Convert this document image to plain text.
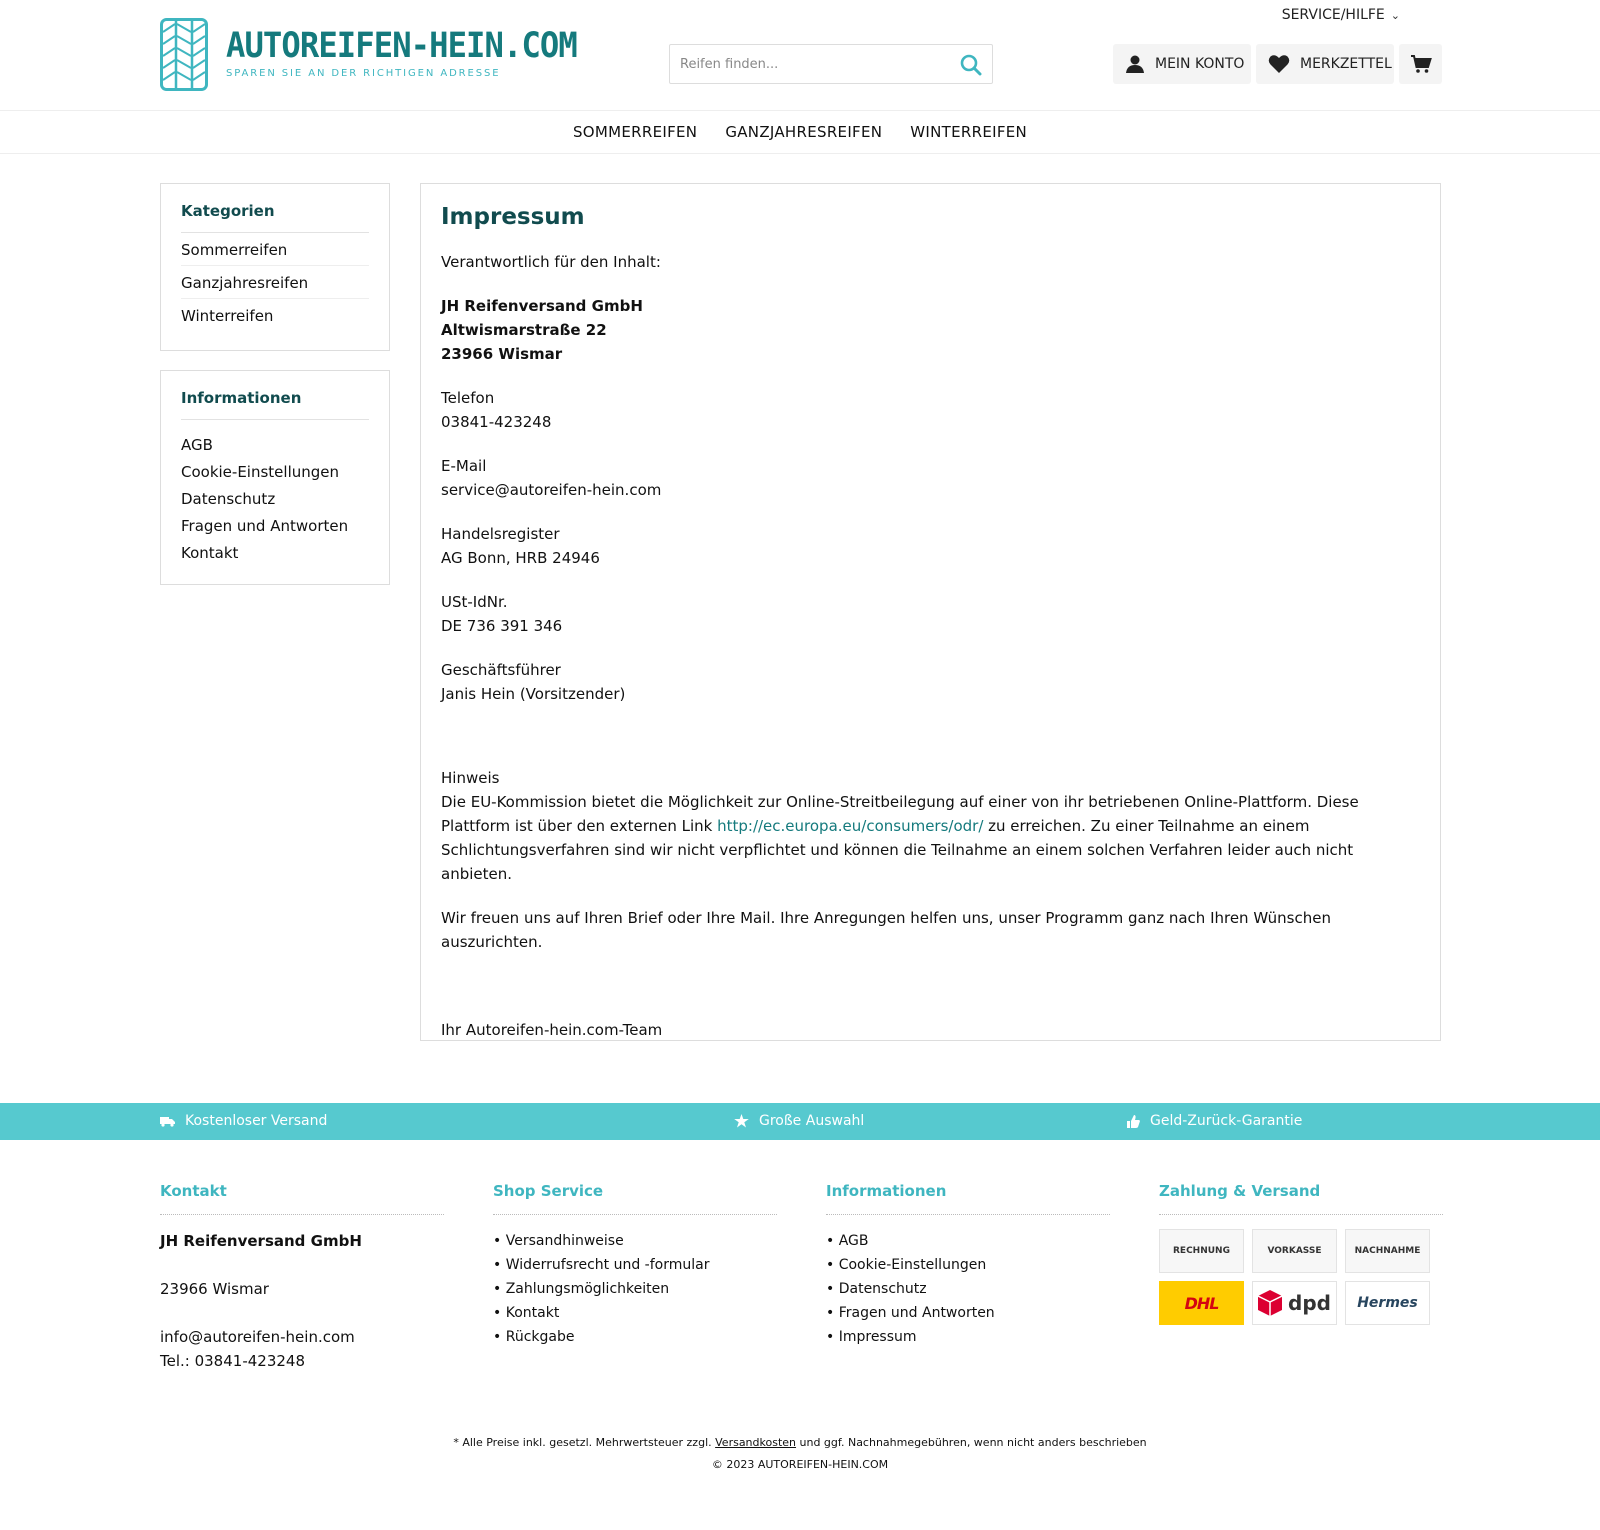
AUTOREIFEN-HEIN.COM
SPAREN SIE AN DER RICHTIGEN ADRESSE
SERVICE/HILFE ⌄
Reifen finden...
MEIN KONTO	MERKZETTEL
SOMMERREIFEN GANZJAHRESREIFEN WINTERREIFEN
Kategorien
Sommerreifen
Ganzjahresreifen
Winterreifen
Informationen
AGB
Cookie-Einstellungen
Datenschutz
Fragen und Antworten
Kontakt
Impressum

Verantwortlich für den Inhalt:

JH Reifenversand GmbH
Altwismarstraße 22
23966 Wismar

Telefon
03841-423248

E-Mail
service@autoreifen-hein.com

Handelsregister
AG Bonn, HRB 24946

USt-IdNr.
DE 736 391 346

Geschäftsführer
Janis Hein (Vorsitzender)

Hinweis
Die EU-Kommission bietet die Möglichkeit zur Online-Streitbeilegung auf einer von ihr betriebenen Online-Plattform. Diese Plattform ist über den externen Link http://ec.europa.eu/consumers/odr/ zu erreichen. Zu einer Teilnahme an einem Schlichtungsverfahren sind wir nicht verpflichtet und können die Teilnahme an einem solchen Verfahren leider auch nicht anbieten.

Wir freuen uns auf Ihren Brief oder Ihre Mail. Ihre Anregungen helfen uns, unser Programm ganz nach Ihren Wünschen auszurichten.

Ihr Autoreifen-hein.com-Team

Kostenloser Versand	Große Auswahl	Geld-Zurück-Garantie
Kontakt

JH Reifenversand GmbH

23966 Wismar

info@autoreifen-hein.com

Tel.: 03841-423248

Shop Service
• Versandhinweise
• Widerrufsrecht und -formular
• Zahlungsmöglichkeiten
• Kontakt
• Rückgabe
Informationen
• AGB
• Cookie-Einstellungen
• Datenschutz
• Fragen und Antworten
• Impressum
Zahlung & Versand
RECHNUNG	VORKASSE	NACHNAHME
DHL	dpd	Hermes
* Alle Preise inkl. gesetzl. Mehrwertsteuer zzgl. Versandkosten und ggf. Nachnahmegebühren, wenn nicht anders beschrieben
© 2023 AUTOREIFEN-HEIN.COM
